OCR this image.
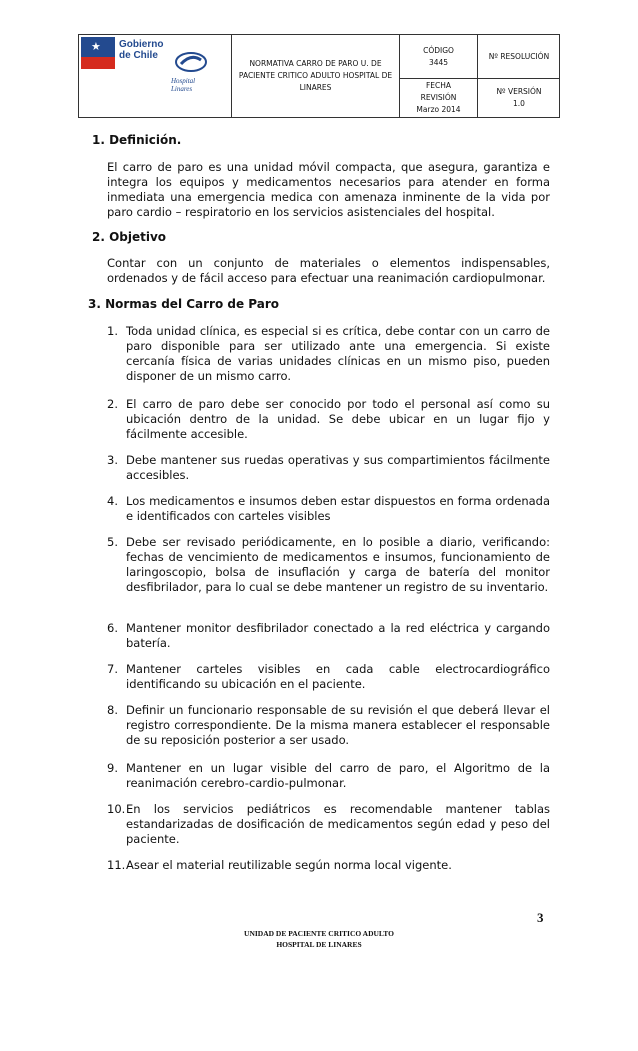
★ Gobierno
de Chile
Hospital
Linares
NORMATIVA CARRO DE PARO U. DE PACIENTE CRITICO ADULTO HOSPITAL DE LINARES
CÓDIGO
3445
Nº RESOLUCIÓN
FECHA
REVISIÓN
Marzo 2014
Nº VERSIÓN
1.0
1. Definición.
El carro de paro es una unidad móvil compacta, que asegura, garantiza e integra los equipos y medicamentos necesarios para atender en forma inmediata una emergencia medica con amenaza inminente de la vida por paro cardio – respiratorio en los servicios asistenciales del hospital.
2. Objetivo
Contar con un conjunto de materiales o elementos indispensables, ordenados y de fácil acceso para efectuar una reanimación cardiopulmonar.
3. Normas del Carro de Paro
1. Toda unidad clínica, es especial si es crítica, debe contar con un carro de paro disponible para ser utilizado ante una emergencia. Si existe cercanía física de varias unidades clínicas en un mismo piso, pueden disponer de un mismo carro.
2. El carro de paro debe ser conocido por todo el personal así como su ubicación dentro de la unidad. Se debe ubicar en un lugar fijo y fácilmente accesible.
3. Debe mantener sus ruedas operativas y sus compartimientos fácilmente accesibles.
4. Los medicamentos e insumos deben estar dispuestos en forma ordenada e identificados con carteles visibles
5. Debe ser revisado periódicamente, en lo posible a diario, verificando: fechas de vencimiento de medicamentos e insumos, funcionamiento de laringoscopio, bolsa de insuflación y carga de batería del monitor desfibrilador, para lo cual se debe mantener un registro de su inventario.
6. Mantener monitor desfibrilador conectado a la red eléctrica y cargando batería.
7. Mantener carteles visibles en cada cable electrocardiográfico identificando su ubicación en el paciente.
8. Definir un funcionario responsable de su revisión el que deberá llevar el registro correspondiente. De la misma manera establecer el responsable de su reposición posterior a ser usado.
9. Mantener en un lugar visible del carro de paro, el Algoritmo de la reanimación cerebro-cardio-pulmonar.
10. En los servicios pediátricos es recomendable mantener tablas estandarizadas de dosificación de medicamentos según edad y peso del paciente.
11. Asear el material reutilizable según norma local vigente.
3
UNIDAD DE PACIENTE CRITICO ADULTO
HOSPITAL DE LINARES
